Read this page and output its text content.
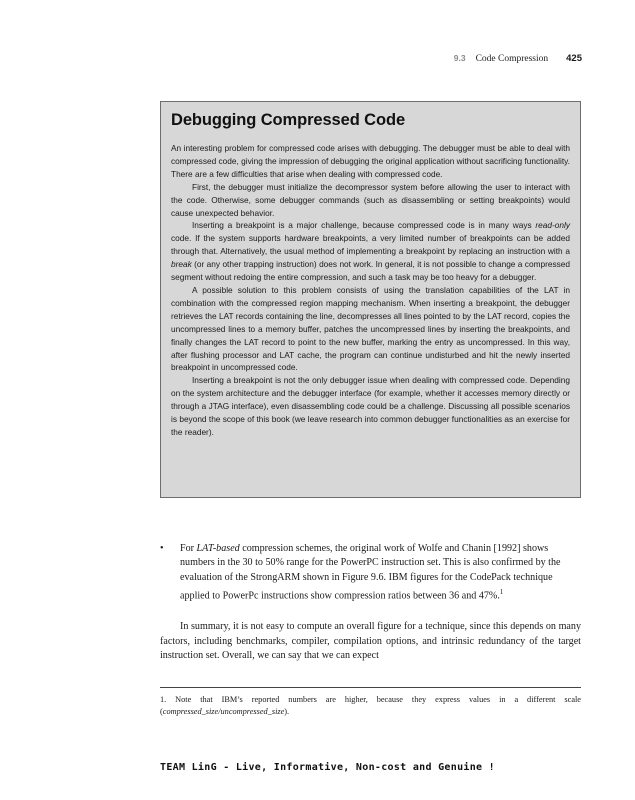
9.3 Code Compression 425
Debugging Compressed Code

An interesting problem for compressed code arises with debugging. The debugger must be able to deal with compressed code, giving the impression of debugging the original application without sacrificing functionality. There are a few difficulties that arise when dealing with compressed code.

First, the debugger must initialize the decompressor system before allowing the user to interact with the code. Otherwise, some debugger commands (such as disassembling or setting breakpoints) would cause unexpected behavior.

Inserting a breakpoint is a major challenge, because compressed code is in many ways read-only code. If the system supports hardware breakpoints, a very limited number of breakpoints can be added through that. Alternatively, the usual method of implementing a breakpoint by replacing an instruction with a break (or any other trapping instruction) does not work. In general, it is not possible to change a compressed segment without redoing the entire compression, and such a task may be too heavy for a debugger.

A possible solution to this problem consists of using the translation capabilities of the LAT in combination with the compressed region mapping mechanism. When inserting a breakpoint, the debugger retrieves the LAT records containing the line, decompresses all lines pointed to by the LAT record, copies the uncompressed lines to a memory buffer, patches the uncompressed lines by inserting the breakpoints, and finally changes the LAT record to point to the new buffer, marking the entry as uncompressed. In this way, after flushing processor and LAT cache, the program can continue undisturbed and hit the newly inserted breakpoint in uncompressed code.

Inserting a breakpoint is not the only debugger issue when dealing with compressed code. Depending on the system architecture and the debugger interface (for example, whether it accesses memory directly or through a JTAG interface), even disassembling code could be a challenge. Discussing all possible scenarios is beyond the scope of this book (we leave research into common debugger functionalities as an exercise for the reader).

•	For LAT-based compression schemes, the original work of Wolfe and Chanin [1992] shows numbers in the 30 to 50% range for the PowerPC instruction set. This is also confirmed by the evaluation of the StrongARM shown in Figure 9.6. IBM figures for the CodePack technique applied to PowerPc instructions show compression ratios between 36 and 47%.$^1$

In summary, it is not easy to compute an overall figure for a technique, since this depends on many factors, including benchmarks, compiler, compilation options, and intrinsic redundancy of the target instruction set. Overall, we can say that we can expect

1. Note that IBM’s reported numbers are higher, because they express values in a different scale (compressed_size/uncompressed_size).

TEAM LinG - Live, Informative, Non-cost and Genuine !
